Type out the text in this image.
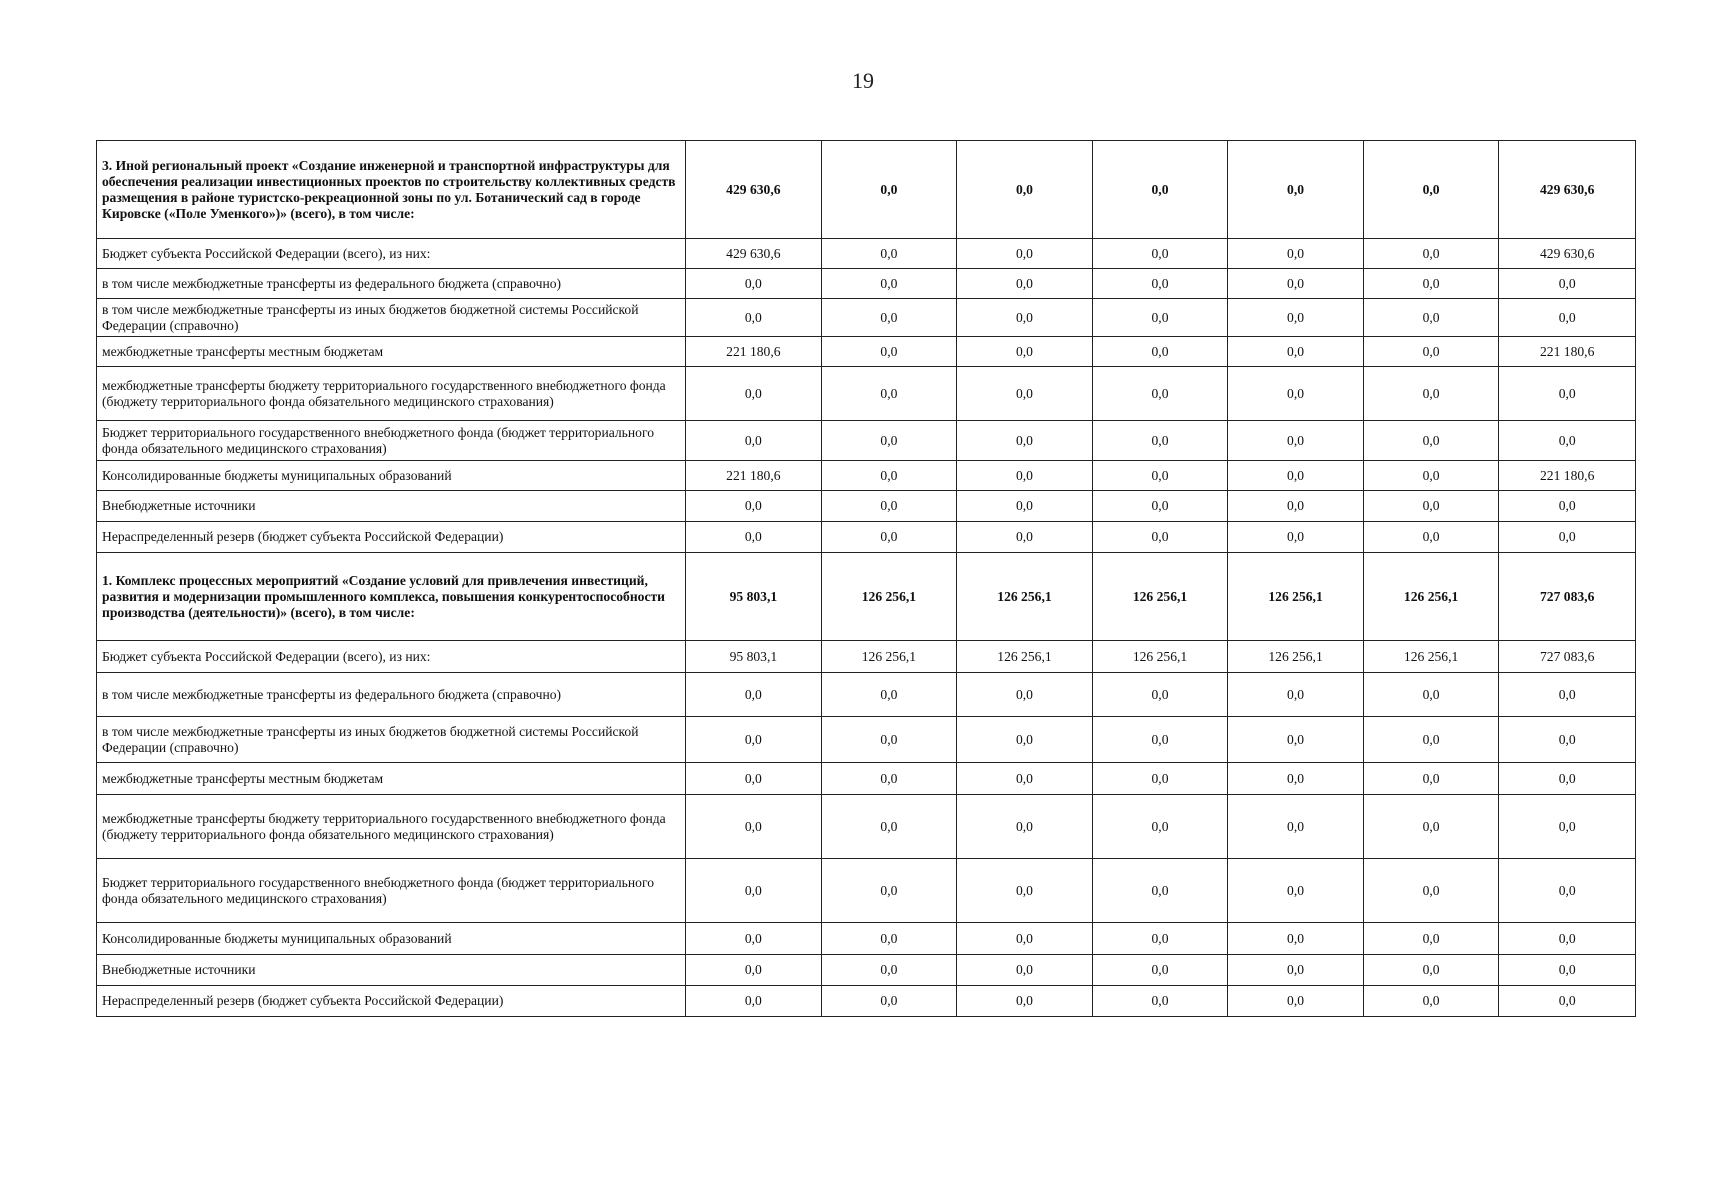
19
3. Иной региональный проект «Создание инженерной и транспортной инфраструктуры для обеспечения реализации инвестиционных проектов по строительству коллективных средств размещения в районе туристско-рекреационной зоны по ул. Ботанический сад в городе Кировске («Поле Уменкого»)» (всего), в том числе:	429 630,6	0,0	0,0	0,0	0,0	0,0	429 630,6
Бюджет субъекта Российской Федерации (всего), из них:	429 630,6	0,0	0,0	0,0	0,0	0,0	429 630,6
в том числе межбюджетные трансферты из федерального бюджета (справочно)	0,0	0,0	0,0	0,0	0,0	0,0	0,0
в том числе межбюджетные трансферты из иных бюджетов бюджетной системы Российской Федерации (справочно)	0,0	0,0	0,0	0,0	0,0	0,0	0,0
межбюджетные трансферты местным бюджетам	221 180,6	0,0	0,0	0,0	0,0	0,0	221 180,6
межбюджетные трансферты бюджету территориального государственного внебюджетного фонда (бюджету территориального фонда обязательного медицинского страхования)	0,0	0,0	0,0	0,0	0,0	0,0	0,0
Бюджет территориального государственного внебюджетного фонда (бюджет территориального фонда обязательного медицинского страхования)	0,0	0,0	0,0	0,0	0,0	0,0	0,0
Консолидированные бюджеты муниципальных образований	221 180,6	0,0	0,0	0,0	0,0	0,0	221 180,6
Внебюджетные источники	0,0	0,0	0,0	0,0	0,0	0,0	0,0
Нераспределенный резерв (бюджет субъекта Российской Федерации)	0,0	0,0	0,0	0,0	0,0	0,0	0,0
1. Комплекс процессных мероприятий «Создание условий для привлечения инвестиций, развития и модернизации промышленного комплекса, повышения конкурентоспособности производства (деятельности)» (всего), в том числе:	95 803,1	126 256,1	126 256,1	126 256,1	126 256,1	126 256,1	727 083,6
Бюджет субъекта Российской Федерации (всего), из них:	95 803,1	126 256,1	126 256,1	126 256,1	126 256,1	126 256,1	727 083,6
в том числе межбюджетные трансферты из федерального бюджета (справочно)	0,0	0,0	0,0	0,0	0,0	0,0	0,0
в том числе межбюджетные трансферты из иных бюджетов бюджетной системы Российской Федерации (справочно)	0,0	0,0	0,0	0,0	0,0	0,0	0,0
межбюджетные трансферты местным бюджетам	0,0	0,0	0,0	0,0	0,0	0,0	0,0
межбюджетные трансферты бюджету территориального государственного внебюджетного фонда (бюджету территориального фонда обязательного медицинского страхования)	0,0	0,0	0,0	0,0	0,0	0,0	0,0
Бюджет территориального государственного внебюджетного фонда (бюджет территориального фонда обязательного медицинского страхования)	0,0	0,0	0,0	0,0	0,0	0,0	0,0
Консолидированные бюджеты муниципальных образований	0,0	0,0	0,0	0,0	0,0	0,0	0,0
Внебюджетные источники	0,0	0,0	0,0	0,0	0,0	0,0	0,0
Нераспределенный резерв (бюджет субъекта Российской Федерации)	0,0	0,0	0,0	0,0	0,0	0,0	0,0
